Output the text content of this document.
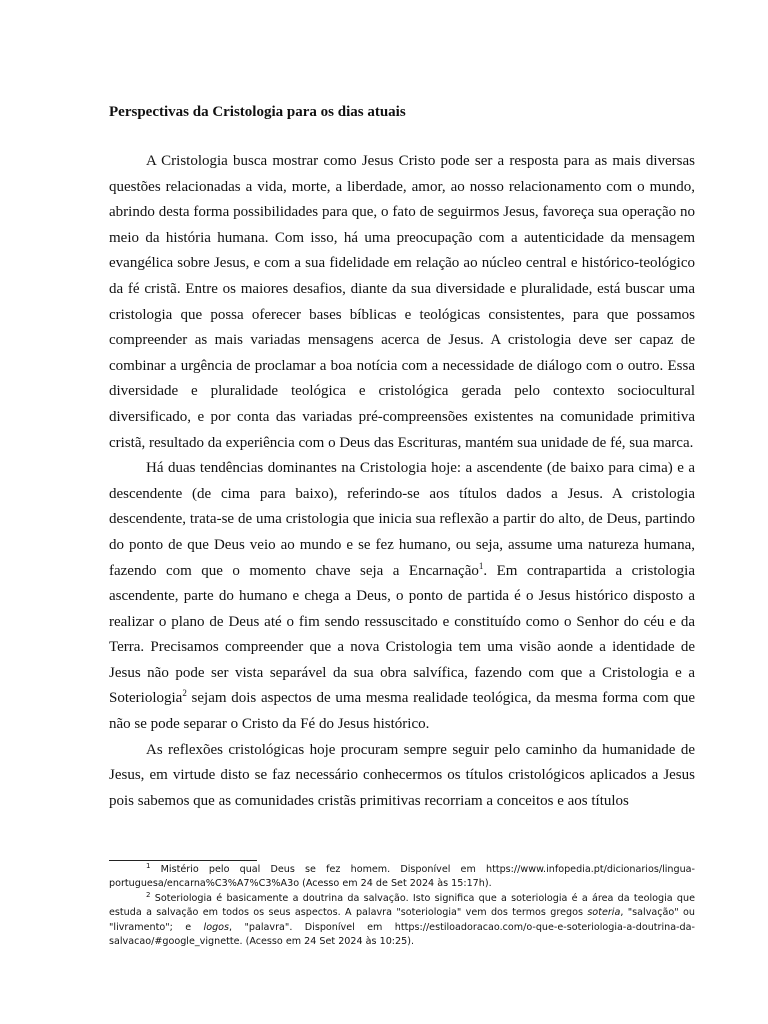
Perspectivas da Cristologia para os dias atuais

A Cristologia busca mostrar como Jesus Cristo pode ser a resposta para as mais diversas questões relacionadas a vida, morte, a liberdade, amor, ao nosso relacionamento com o mundo, abrindo desta forma possibilidades para que, o fato de seguirmos Jesus, favoreça sua operação no meio da história humana. Com isso, há uma preocupação com a autenticidade da mensagem evangélica sobre Jesus, e com a sua fidelidade em relação ao núcleo central e histórico-teológico da fé cristã. Entre os maiores desafios, diante da sua diversidade e pluralidade, está buscar uma cristologia que possa oferecer bases bíblicas e teológicas consistentes, para que possamos compreender as mais variadas mensagens acerca de Jesus. A cristologia deve ser capaz de combinar a urgência de proclamar a boa notícia com a necessidade de diálogo com o outro. Essa diversidade e pluralidade teológica e cristológica gerada pelo contexto sociocultural diversificado, e por conta das variadas pré-compreensões existentes na comunidade primitiva cristã, resultado da experiência com o Deus das Escrituras, mantém sua unidade de fé, sua marca.

Há duas tendências dominantes na Cristologia hoje: a ascendente (de baixo para cima) e a descendente (de cima para baixo), referindo-se aos títulos dados a Jesus. A cristologia descendente, trata-se de uma cristologia que inicia sua reflexão a partir do alto, de Deus, partindo do ponto de que Deus veio ao mundo e se fez humano, ou seja, assume uma natureza humana, fazendo com que o momento chave seja a Encarnação$^1$. Em contrapartida a cristologia ascendente, parte do humano e chega a Deus, o ponto de partida é o Jesus histórico disposto a realizar o plano de Deus até o fim sendo ressuscitado e constituído como o Senhor do céu e da Terra. Precisamos compreender que a nova Cristologia tem uma visão aonde a identidade de Jesus não pode ser vista separável da sua obra salvífica, fazendo com que a Cristologia e a Soteriologia$^2$ sejam dois aspectos de uma mesma realidade teológica, da mesma forma com que não se pode separar o Cristo da Fé do Jesus histórico.

As reflexões cristológicas hoje procuram sempre seguir pelo caminho da humanidade de Jesus, em virtude disto se faz necessário conhecermos os títulos cristológicos aplicados a Jesus pois sabemos que as comunidades cristãs primitivas recorriam a conceitos e aos títulos

$^1$ Mistério pelo qual Deus se fez homem. Disponível em https://www.infopedia.pt/dicionarios/lingua-portuguesa/encarna%C3%A7%C3%A3o (Acesso em 24 de Set 2024 às 15:17h).

$^2$ Soteriologia é basicamente a doutrina da salvação. Isto significa que a soteriologia é a área da teologia que estuda a salvação em todos os seus aspectos. A palavra "soteriologia" vem dos termos gregos soteria, "salvação" ou "livramento"; e logos, "palavra". Disponível em https://estiloadoracao.com/o-que-e-soteriologia-a-doutrina-da-salvacao/#google_vignette. (Acesso em 24 Set 2024 às 10:25).
